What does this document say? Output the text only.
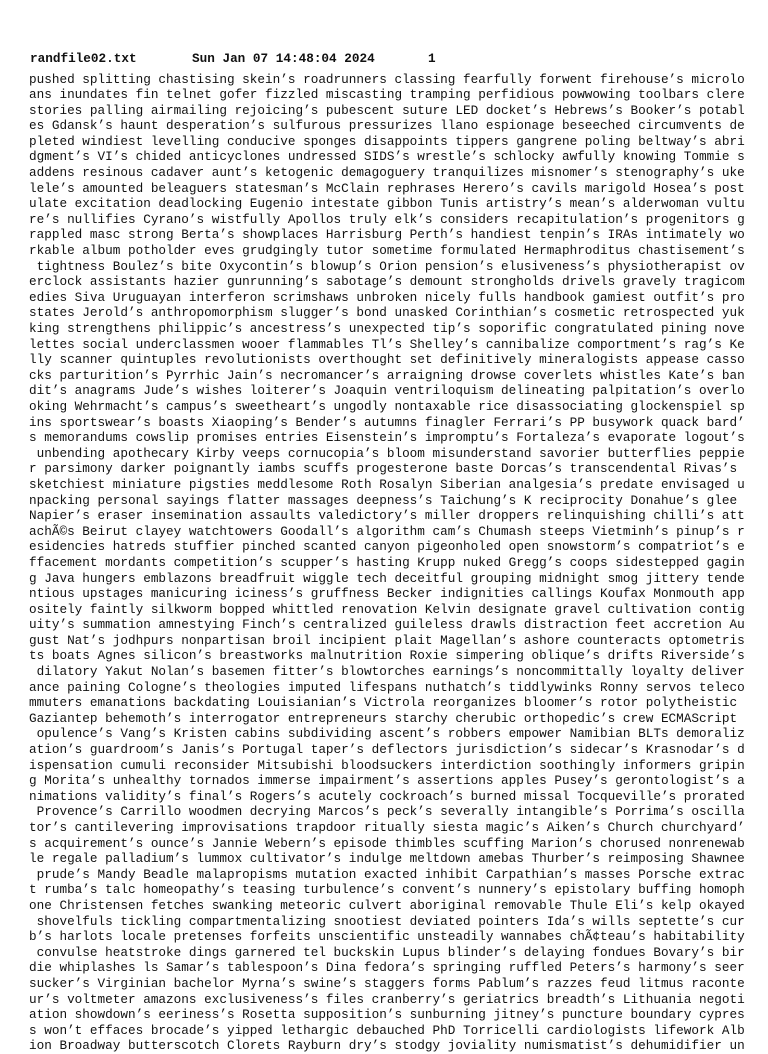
randfile02.txt	Sun Jan 07 14:48:04 2024	1
pushed splitting chastising skein’s roadrunners classing fearfully forwent firehouse’s microlo
ans inundates fin telnet gofer fizzled miscasting tramping perfidious powwowing toolbars clere
stories palling airmailing rejoicing’s pubescent suture LED docket’s Hebrews’s Booker’s potabl
es Gdansk’s haunt desperation’s sulfurous pressurizes llano espionage beseeched circumvents de
pleted windiest levelling conducive sponges disappoints tippers gangrene poling beltway’s abri
dgment’s VI’s chided anticyclones undressed SIDS’s wrestle’s schlocky awfully knowing Tommie s
addens resinous cadaver aunt’s ketogenic demagoguery tranquilizes misnomer’s stenography’s uke
lele’s amounted beleaguers statesman’s McClain rephrases Herero’s cavils marigold Hosea’s post
ulate excitation deadlocking Eugenio intestate gibbon Tunis artistry’s mean’s alderwoman vultu
re’s nullifies Cyrano’s wistfully Apollos truly elk’s considers recapitulation’s progenitors g
rappled masc strong Berta’s showplaces Harrisburg Perth’s handiest tenpin’s IRAs intimately wo
rkable album potholder eves grudgingly tutor sometime formulated Hermaphroditus chastisement’s
tightness Boulez’s bite Oxycontin’s blowup’s Orion pension’s elusiveness’s physiotherapist ov
erclock assistants hazier gunrunning’s sabotage’s demount strongholds drivels gravely tragicom
edies Siva Uruguayan interferon scrimshaws unbroken nicely fulls handbook gamiest outfit’s pro
states Jerold’s anthropomorphism slugger’s bond unasked Corinthian’s cosmetic retrospected yuk
king strengthens philippic’s ancestress’s unexpected tip’s soporific congratulated pining nove
lettes social underclassmen wooer flammables Tl’s Shelley’s cannibalize comportment’s rag’s Ke
lly scanner quintuples revolutionists overthought set definitively mineralogists appease casso
cks parturition’s Pyrrhic Jain’s necromancer’s arraigning drowse coverlets whistles Kate’s ban
dit’s anagrams Jude’s wishes loiterer’s Joaquin ventriloquism delineating palpitation’s overlo
oking Wehrmacht’s campus’s sweetheart’s ungodly nontaxable rice disassociating glockenspiel sp
ins sportswear’s boasts Xiaoping’s Bender’s autumns finagler Ferrari’s PP busywork quack bard’
s memorandums cowslip promises entries Eisenstein’s impromptu’s Fortaleza’s evaporate logout’s
unbending apothecary Kirby veeps cornucopia’s bloom misunderstand savorier butterflies peppie
r parsimony darker poignantly iambs scuffs progesterone baste Dorcas’s transcendental Rivas’s
sketchiest miniature pigsties meddlesome Roth Rosalyn Siberian analgesia’s predate envisaged u
npacking personal sayings flatter massages deepness’s Taichung’s K reciprocity Donahue’s glee
Napier’s eraser insemination assaults valedictory’s miller droppers relinquishing chilli’s att
achÃ©s Beirut clayey watchtowers Goodall’s algorithm cam’s Chumash steeps Vietminh’s pinup’s r
esidencies hatreds stuffier pinched scanted canyon pigeonholed open snowstorm’s compatriot’s e
ffacement mordants competition’s scupper’s hasting Krupp nuked Gregg’s coops sidestepped gagin
g Java hungers emblazons breadfruit wiggle tech deceitful grouping midnight smog jittery tende
ntious upstages manicuring iciness’s gruffness Becker indignities callings Koufax Monmouth app
ositely faintly silkworm bopped whittled renovation Kelvin designate gravel cultivation contig
uity’s summation amnestying Finch’s centralized guileless drawls distraction feet accretion Au
gust Nat’s jodhpurs nonpartisan broil incipient plait Magellan’s ashore counteracts optometris
ts boats Agnes silicon’s breastworks malnutrition Roxie simpering oblique’s drifts Riverside’s
dilatory Yakut Nolan’s basemen fitter’s blowtorches earnings’s noncommittally loyalty deliver
ance paining Cologne’s theologies imputed lifespans nuthatch’s tiddlywinks Ronny servos teleco
mmuters emanations backdating Louisianian’s Victrola reorganizes bloomer’s rotor polytheistic
Gaziantep behemoth’s interrogator entrepreneurs starchy cherubic orthopedic’s crew ECMAScript
opulence’s Vang’s Kristen cabins subdividing ascent’s robbers empower Namibian BLTs demoraliz
ation’s guardroom’s Janis’s Portugal taper’s deflectors jurisdiction’s sidecar’s Krasnodar’s d
ispensation cumuli reconsider Mitsubishi bloodsuckers interdiction soothingly informers gripin
g Morita’s unhealthy tornados immerse impairment’s assertions apples Pusey’s gerontologist’s a
nimations validity’s final’s Rogers’s acutely cockroach’s burned missal Tocqueville’s prorated
Provence’s Carrillo woodmen decrying Marcos’s peck’s severally intangible’s Porrima’s oscilla
tor’s cantilevering improvisations trapdoor ritually siesta magic’s Aiken’s Church churchyard’
s acquirement’s ounce’s Jannie Webern’s episode thimbles scuffing Marion’s chorused nonrenewab
le regale palladium’s lummox cultivator’s indulge meltdown amebas Thurber’s reimposing Shawnee
prude’s Mandy Beadle malapropisms mutation exacted inhibit Carpathian’s masses Porsche extrac
t rumba’s talc homeopathy’s teasing turbulence’s convent’s nunnery’s epistolary buffing homoph
one Christensen fetches swanking meteoric culvert aboriginal removable Thule Eli’s kelp okayed
shovelfuls tickling compartmentalizing snootiest deviated pointers Ida’s wills septette’s cur
b’s harlots locale pretenses forfeits unscientific unsteadily wannabes chÃ¢teau’s habitability
convulse heatstroke dings garnered tel buckskin Lupus blinder’s delaying fondues Bovary’s bir
die whiplashes ls Samar’s tablespoon’s Dina fedora’s springing ruffled Peters’s harmony’s seer
sucker’s Virginian bachelor Myrna’s swine’s staggers forms Pablum’s razzes feud litmus raconte
ur’s voltmeter amazons exclusiveness’s files cranberry’s geriatrics breadth’s Lithuania negoti
ation showdown’s eeriness’s Rosetta supposition’s sunburning jitney’s puncture boundary cypres
s won’t effaces brocade’s yipped lethargic debauched PhD Torricelli cardiologists lifework Alb
ion Broadway butterscotch Clorets Rayburn dry’s stodgy joviality numismatist’s dehumidifier un
